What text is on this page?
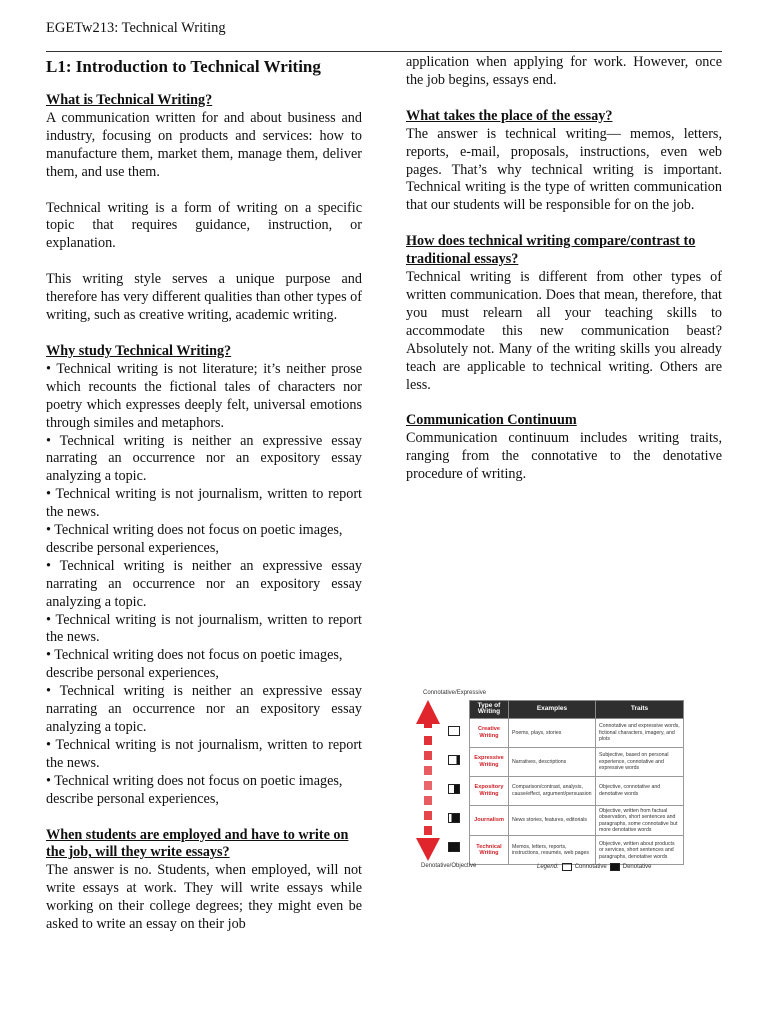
EGETw213: Technical Writing
L1: Introduction to Technical Writing

What is Technical Writing?

A communication written for and about business and industry, focusing on products and services: how to manufacture them, market them, manage them, deliver them, and use them.

Technical writing is a form of writing on a specific topic that requires guidance, instruction, or explanation.

This writing style serves a unique purpose and therefore has very different qualities than other types of writing, such as creative writing, academic writing.

Why study Technical Writing?

• Technical writing is not literature; it’s neither prose which recounts the fictional tales of characters nor poetry which expresses deeply felt, universal emotions through similes and metaphors.

• Technical writing is neither an expressive essay narrating an occurrence nor an expository essay analyzing a topic.

• Technical writing is not journalism, written to report the news.

• Technical writing does not focus on poetic images, describe personal experiences,

• Technical writing is neither an expressive essay narrating an occurrence nor an expository essay analyzing a topic.

• Technical writing is not journalism, written to report the news.

• Technical writing does not focus on poetic images, describe personal experiences,

• Technical writing is neither an expressive essay narrating an occurrence nor an expository essay analyzing a topic.

• Technical writing is not journalism, written to report the news.

• Technical writing does not focus on poetic images, describe personal experiences,

When students are employed and have to write on the job, will they write essays?

The answer is no. Students, when employed, will not write essays at work. They will write essays while working on their college degrees; they might even be asked to write an essay on their job

application when applying for work. However, once the job begins, essays end.

What takes the place of the essay?

The answer is technical writing— memos, letters, reports, e-mail, proposals, instructions, even web pages. That’s why technical writing is important. Technical writing is the type of written communication that our students will be responsible for on the job.

How does technical writing compare/contrast to traditional essays?

Technical writing is different from other types of written communication. Does that mean, therefore, that you must relearn all your teaching skills to accommodate this new communication beast? Absolutely not. Many of the writing skills you already teach are applicable to technical writing. Others are less.

Communication Continuum

Communication continuum includes writing traits, ranging from the connotative to the denotative procedure of writing.

Connotative/Expressive
Type of Writing	Examples	Traits
Creative Writing	Poems, plays, stories	Connotative and expressive words, fictional characters, imagery, and plots
Expressive Writing	Narratives, descriptions	Subjective, based on personal experience, connotative and expressive words
Expository Writing	Comparison/contrast, analysis, cause/effect, argument/persuasion	Objective, connotative and denotative words
Journalism	News stories, features, editorials	Objective, written from factual observation, short sentences and paragraphs, some connotative but more denotative words
Technical Writing	Memos, letters, reports, instructions, resumés, web pages	Objective, written about products or services, short sentences and paragraphs, denotative words
Denotative/Objective	Legend:	Connotative	Denotative
